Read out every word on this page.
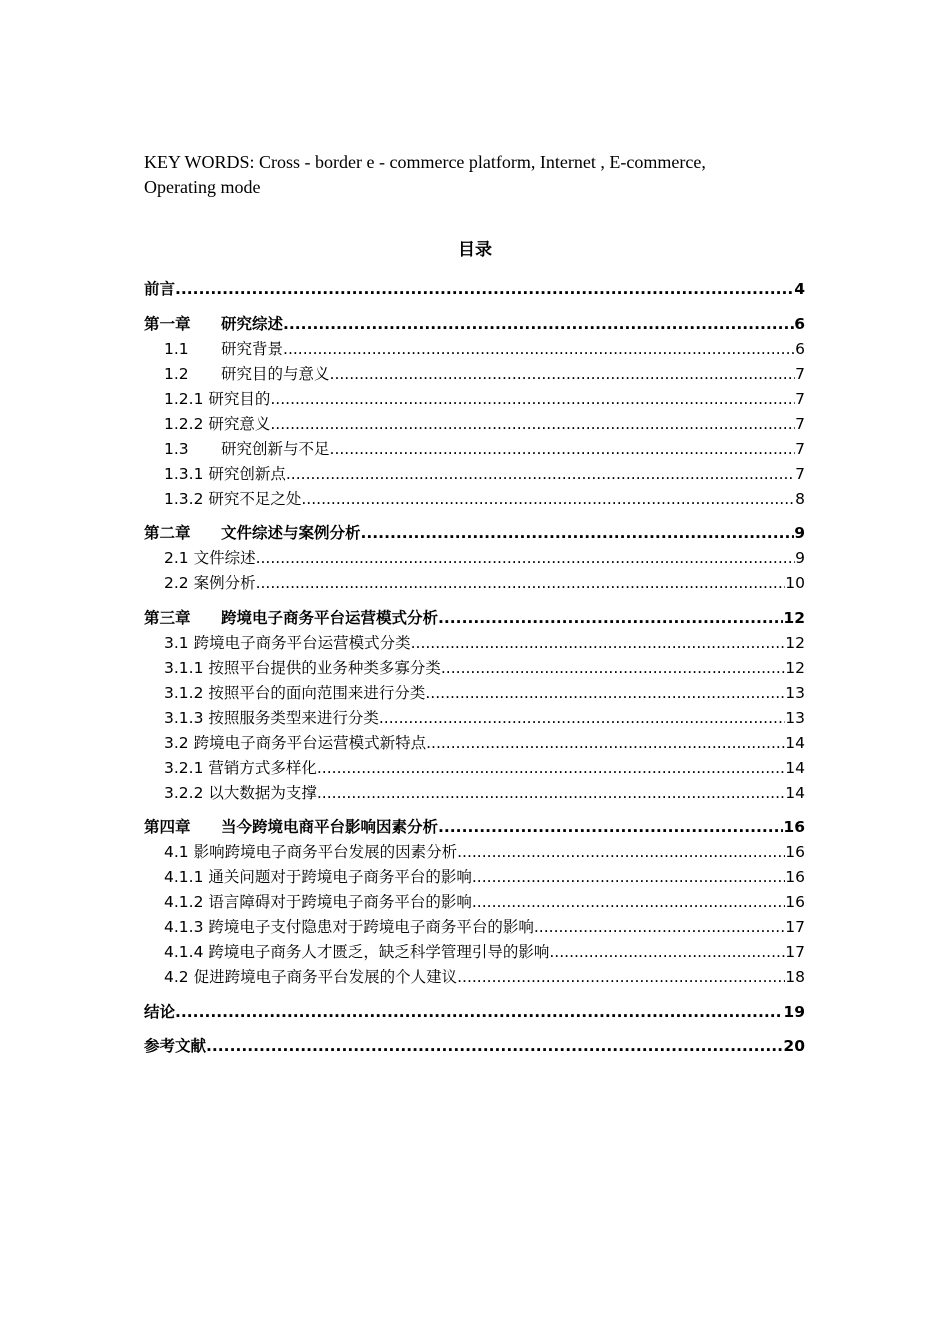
KEY WORDS: Cross - border e - commerce platform, Internet , E-commerce,
Operating mode
目录
前言 .....	4
第一章 研究综述 .....	6
1.1 研究背景 .....	6
1.2 研究目的与意义 .....	7
1.2.1 研究目的 .....	7
1.2.2 研究意义 .....	7
1.3 研究创新与不足 .....	7
1.3.1 研究创新点 .....	7
1.3.2 研究不足之处 .....	8
第二章 文件综述与案例分析 .....	9
2.1 文件综述 .....	9
2.2 案例分析 .....	10
第三章 跨境电子商务平台运营模式分析 .....	12
3.1 跨境电子商务平台运营模式分类 .....	12
3.1.1 按照平台提供的业务种类多寡分类 .....	12
3.1.2 按照平台的面向范围来进行分类 .....	13
3.1.3 按照服务类型来进行分类 .....	13
3.2 跨境电子商务平台运营模式新特点 .....	14
3.2.1 营销方式多样化 .....	14
3.2.2 以大数据为支撑 .....	14
第四章 当今跨境电商平台影响因素分析 .....	16
4.1 影响跨境电子商务平台发展的因素分析 .....	16
4.1.1 通关问题对于跨境电子商务平台的影响 .....	16
4.1.2 语言障碍对于跨境电子商务平台的影响 .....	16
4.1.3 跨境电子支付隐患对于跨境电子商务平台的影响 .....	17
4.1.4 跨境电子商务人才匮乏，缺乏科学管理引导的影响 .....	17
4.2 促进跨境电子商务平台发展的个人建议 .....	18
结论 .....	19
参考文献 .....	20
